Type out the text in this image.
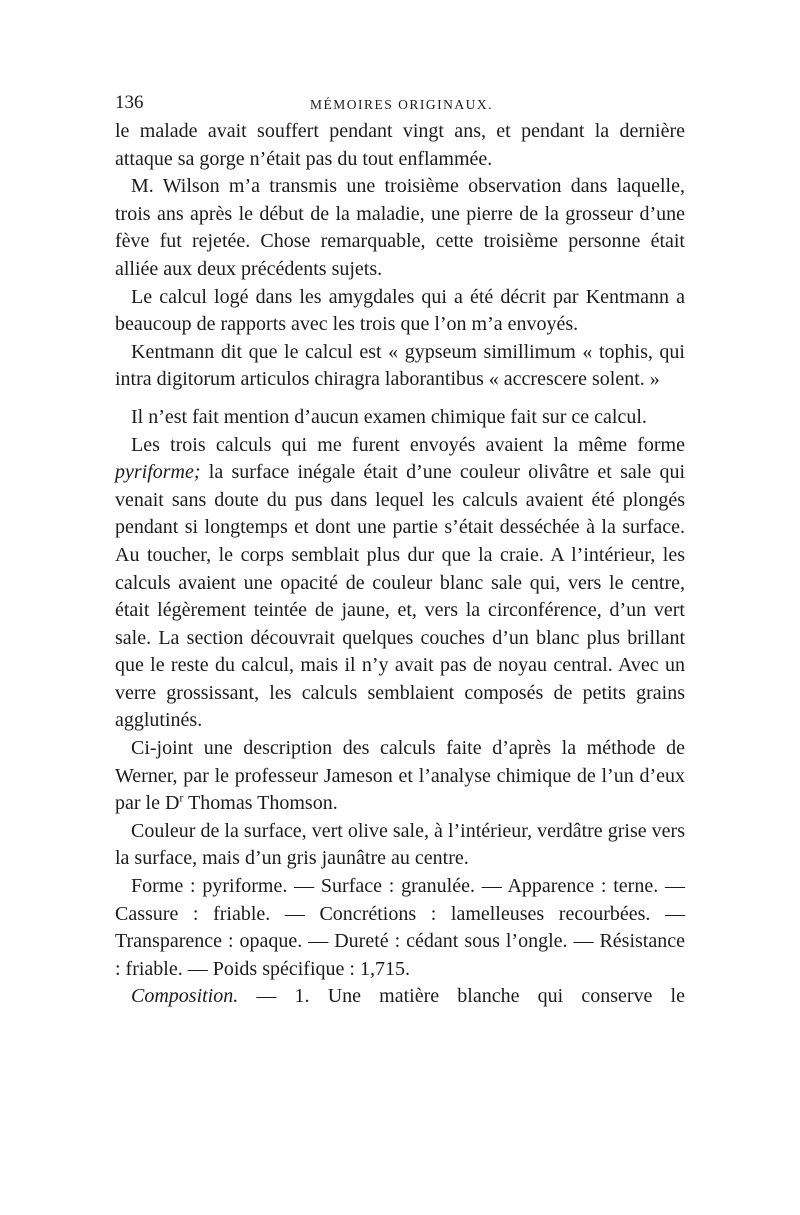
136	MÉMOIRES ORIGINAUX.

le malade avait souffert pendant vingt ans, et pendant la dernière attaque sa gorge n’était pas du tout enflammée.

M. Wilson m’a transmis une troisième observation dans laquelle, trois ans après le début de la maladie, une pierre de la grosseur d’une fève fut rejetée. Chose remarquable, cette troisième personne était alliée aux deux précédents sujets.

Le calcul logé dans les amygdales qui a été décrit par Kentmann a beaucoup de rapports avec les trois que l’on m’a envoyés.

Kentmann dit que le calcul est « gypseum simillimum « tophis, qui intra digitorum articulos chiragra laborantibus « accrescere solent. »

Il n’est fait mention d’aucun examen chimique fait sur ce calcul.

Les trois calculs qui me furent envoyés avaient la même forme pyriforme; la surface inégale était d’une couleur olivâtre et sale qui venait sans doute du pus dans lequel les calculs avaient été plongés pendant si longtemps et dont une partie s’était desséchée à la surface. Au toucher, le corps semblait plus dur que la craie. A l’intérieur, les calculs avaient une opacité de couleur blanc sale qui, vers le centre, était légèrement teintée de jaune, et, vers la circonférence, d’un vert sale. La section découvrait quelques couches d’un blanc plus brillant que le reste du calcul, mais il n’y avait pas de noyau central. Avec un verre grossissant, les calculs semblaient composés de petits grains agglutinés.

Ci-joint une description des calculs faite d’après la méthode de Werner, par le professeur Jameson et l’analyse chimique de l’un d’eux par le $D^r$ Thomas Thomson.

Couleur de la surface, vert olive sale, à l’intérieur, verdâtre grise vers la surface, mais d’un gris jaunâtre au centre.

Forme : pyriforme. — Surface : granulée. — Apparence : terne. — Cassure : friable. — Concrétions : lamelleuses recourbées. — Transparence : opaque. — Dureté : cédant sous l’ongle. — Résistance : friable. — Poids spécifique : 1,715.

Composition. — 1. Une matière blanche qui conserve le
